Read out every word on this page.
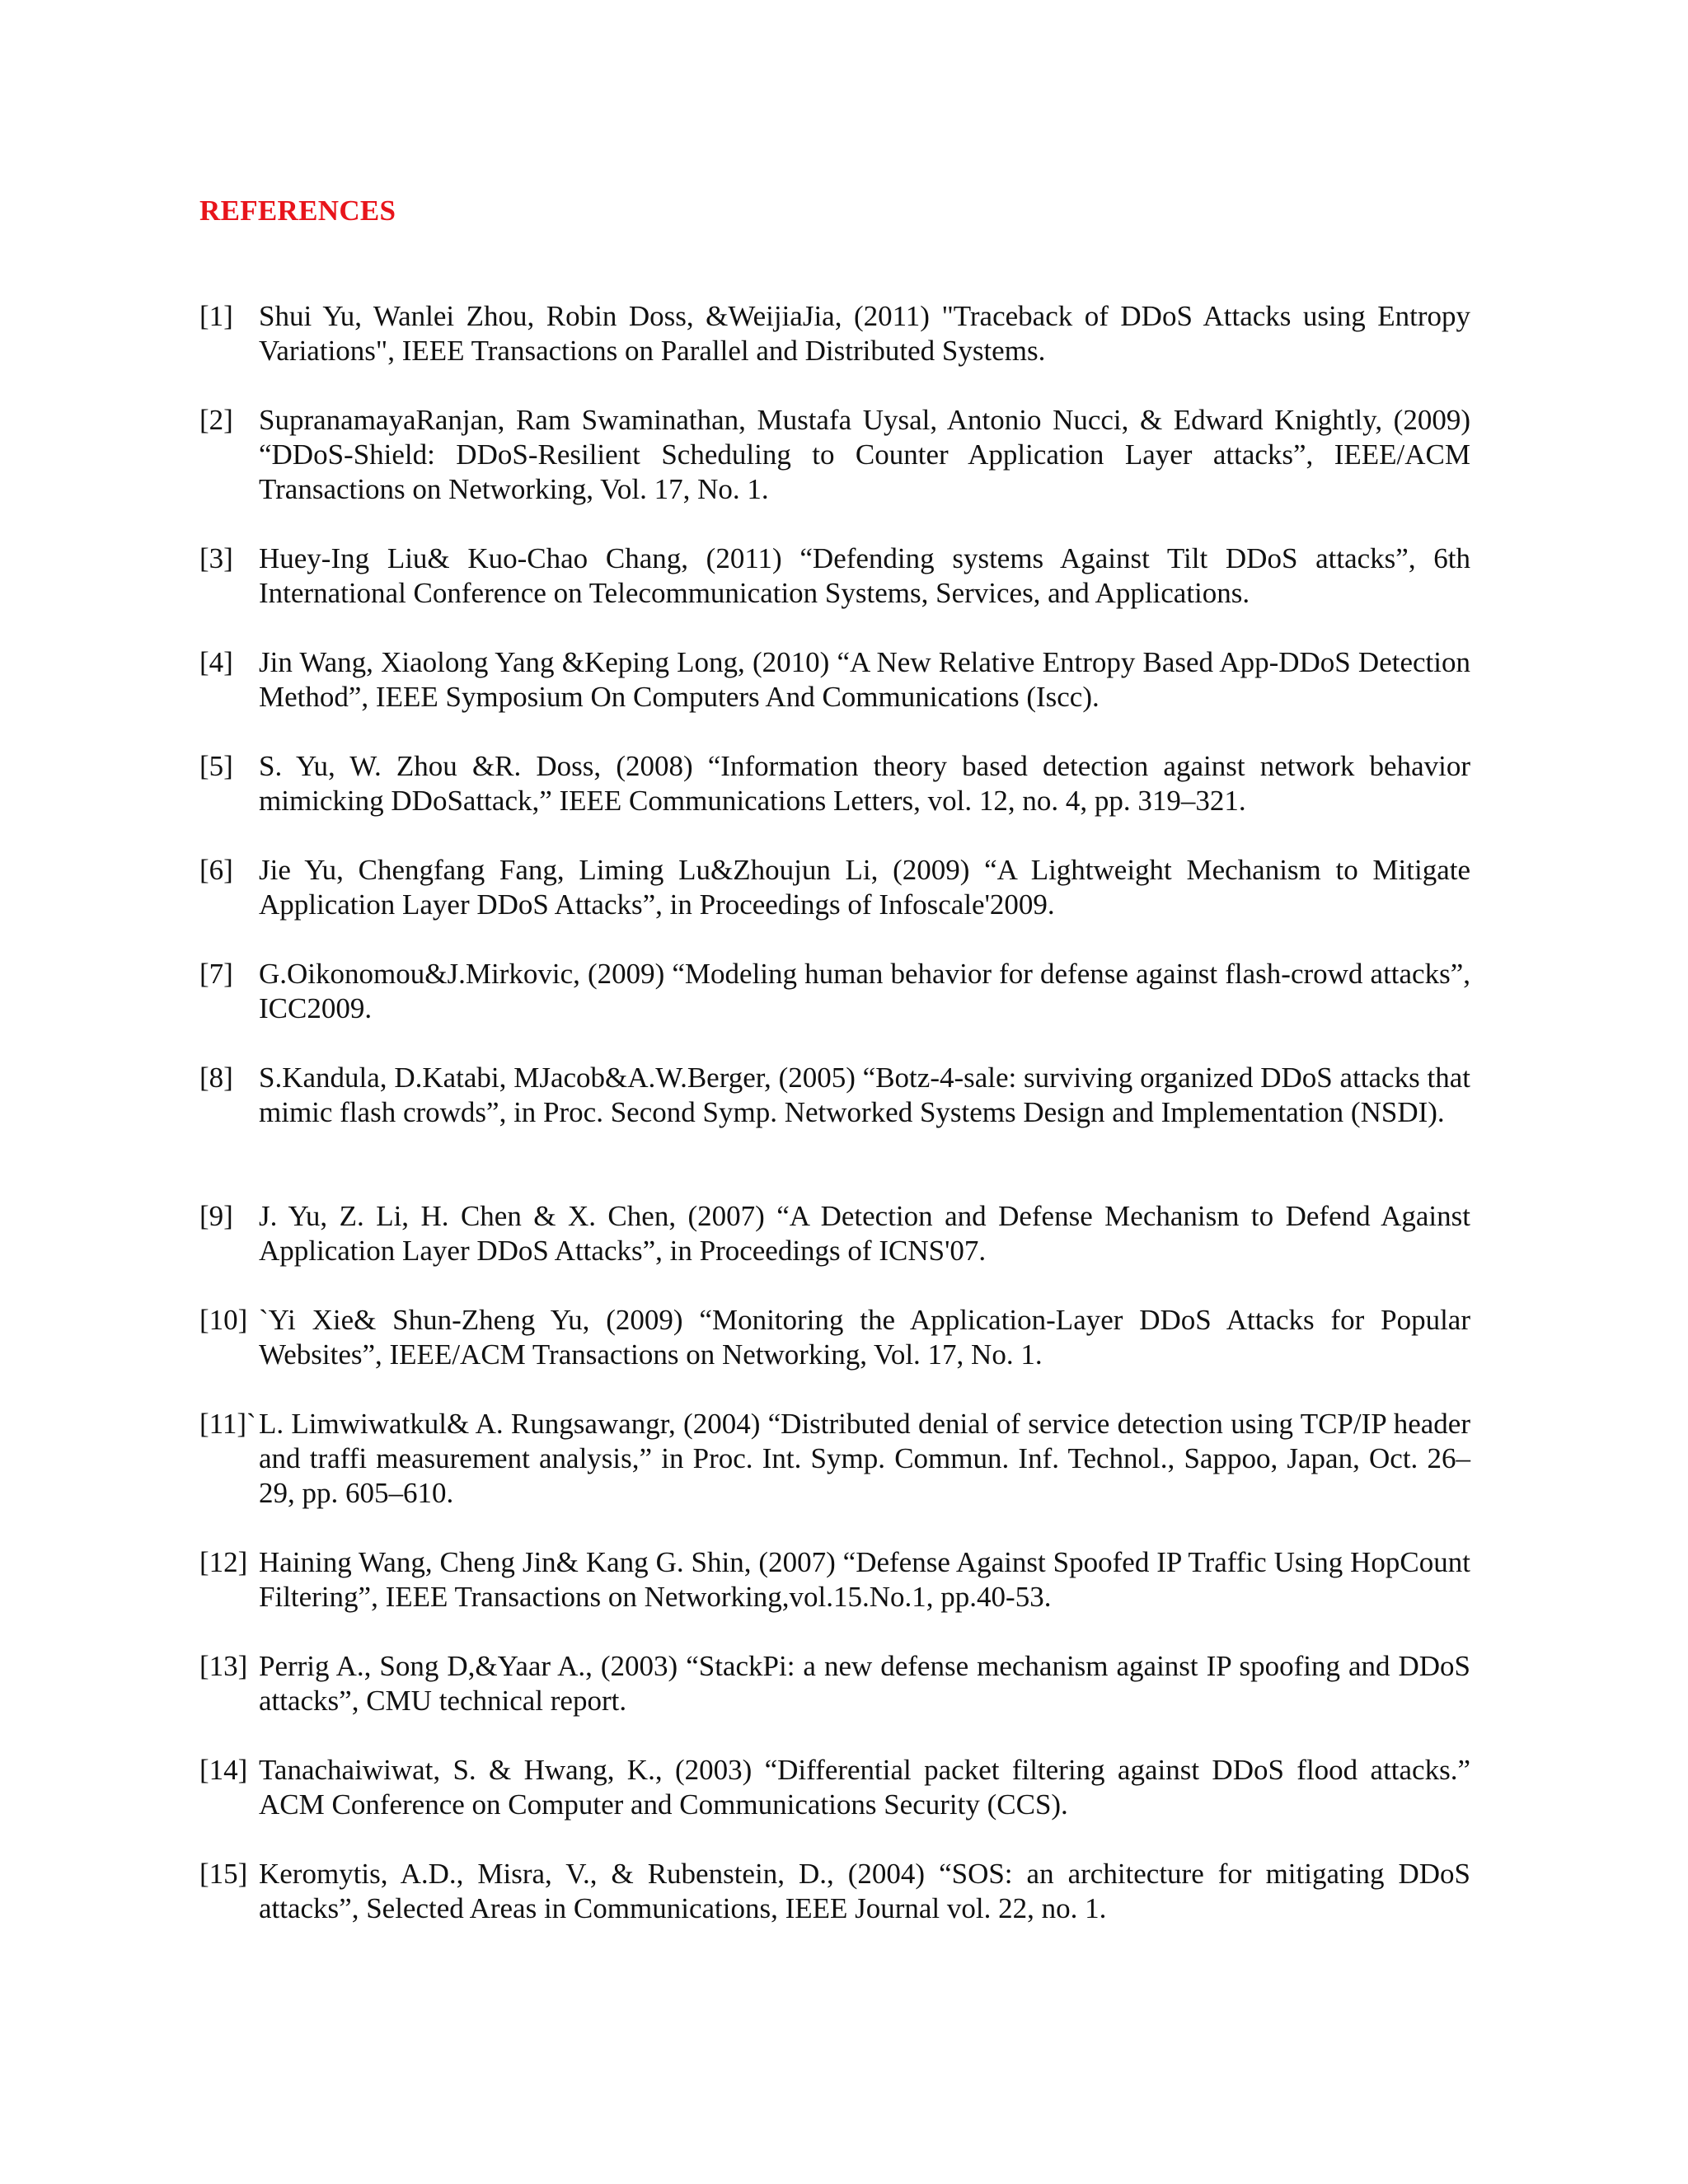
REFERENCES
[1] Shui Yu, Wanlei Zhou, Robin Doss, &WeijiaJia, (2011) "Traceback of DDoS Attacks using Entropy Variations", IEEE Transactions on Parallel and Distributed Systems.
[2] SupranamayaRanjan, Ram Swaminathan, Mustafa Uysal, Antonio Nucci, & Edward Knightly, (2009) “DDoS-Shield: DDoS-Resilient Scheduling to Counter Application Layer attacks”, IEEE/ACM Transactions on Networking, Vol. 17, No. 1.
[3] Huey-Ing Liu& Kuo-Chao Chang, (2011) “Defending systems Against Tilt DDoS attacks”, 6th International Conference on Telecommunication Systems, Services, and Applications.
[4] Jin Wang, Xiaolong Yang &Keping Long, (2010) “A New Relative Entropy Based App-DDoS Detection Method”, IEEE Symposium On Computers And Communications (Iscc).
[5] S. Yu, W. Zhou &R. Doss, (2008) “Information theory based detection against network behavior mimicking DDoSattack,” IEEE Communications Letters, vol. 12, no. 4, pp. 319–321.
[6] Jie Yu, Chengfang Fang, Liming Lu&Zhoujun Li, (2009) “A Lightweight Mechanism to Mitigate Application Layer DDoS Attacks”, in Proceedings of Infoscale'2009.
[7] G.Oikonomou&J.Mirkovic, (2009) “Modeling human behavior for defense against flash-crowd attacks”, ICC2009.
[8] S.Kandula, D.Katabi, MJacob&A.W.Berger, (2005) “Botz-4-sale: surviving organized DDoS attacks that mimic flash crowds”, in Proc. Second Symp. Networked Systems Design and Implementation (NSDI).
[9] J. Yu, Z. Li, H. Chen & X. Chen, (2007) “A Detection and Defense Mechanism to Defend Against Application Layer DDoS Attacks”, in Proceedings of ICNS'07.
[10] `Yi Xie& Shun-Zheng Yu, (2009) “Monitoring the Application-Layer DDoS Attacks for Popular Websites”, IEEE/ACM Transactions on Networking, Vol. 17, No. 1.
[11]` L. Limwiwatkul& A. Rungsawangr, (2004) “Distributed denial of service detection using TCP/IP header and traffi measurement analysis,” in Proc. Int. Symp. Commun. Inf. Technol., Sappoo, Japan, Oct. 26–29, pp. 605–610.
[12] Haining Wang, Cheng Jin& Kang G. Shin, (2007) “Defense Against Spoofed IP Traffic Using HopCount Filtering”, IEEE Transactions on Networking,vol.15.No.1, pp.40-53.
[13] Perrig A., Song D,&Yaar A., (2003) “StackPi: a new defense mechanism against IP spoofing and DDoS attacks”, CMU technical report.
[14] Tanachaiwiwat, S. & Hwang, K., (2003) “Differential packet filtering against DDoS flood attacks.” ACM Conference on Computer and Communications Security (CCS).
[15] Keromytis, A.D., Misra, V., & Rubenstein, D., (2004) “SOS: an architecture for mitigating DDoS attacks”, Selected Areas in Communications, IEEE Journal vol. 22, no. 1.
